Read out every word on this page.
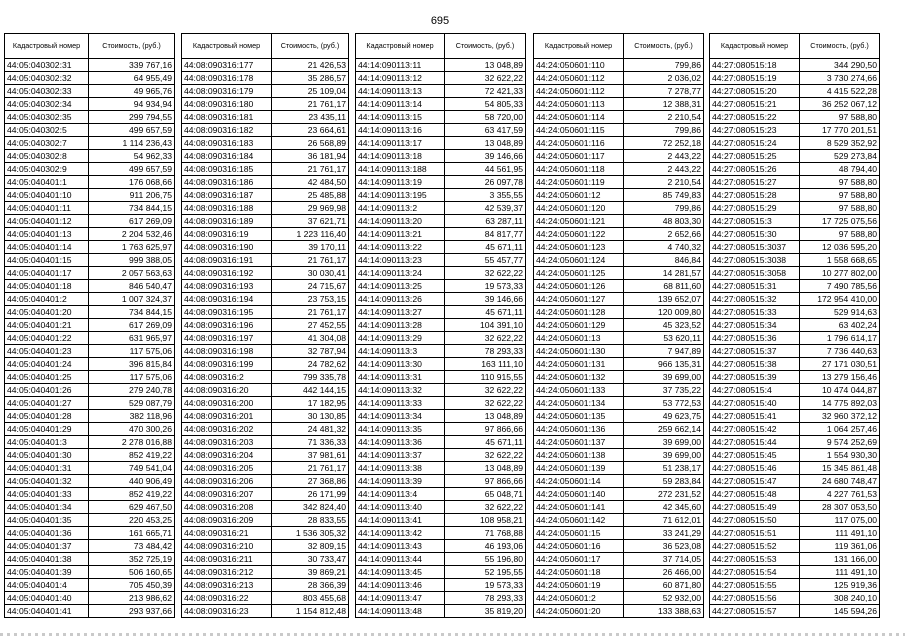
695
Кадастровый номер	Стоимость, (руб.)
44:05:040302:31	339 767,16
44:05:040302:32	64 955,49
44:05:040302:33	49 965,76
44:05:040302:34	94 934,94
44:05:040302:35	299 794,55
44:05:040302:5	499 657,59
44:05:040302:7	1 114 236,43
44:05:040302:8	54 962,33
44:05:040302:9	499 657,59
44:05:040401:1	176 068,66
44:05:040401:10	911 206,75
44:05:040401:11	734 844,15
44:05:040401:12	617 269,09
44:05:040401:13	2 204 532,46
44:05:040401:14	1 763 625,97
44:05:040401:15	999 388,05
44:05:040401:17	2 057 563,63
44:05:040401:18	846 540,47
44:05:040401:2	1 007 324,37
44:05:040401:20	734 844,15
44:05:040401:21	617 269,09
44:05:040401:22	631 965,97
44:05:040401:23	117 575,06
44:05:040401:24	396 815,84
44:05:040401:25	117 575,06
44:05:040401:26	279 240,78
44:05:040401:27	529 087,79
44:05:040401:28	382 118,96
44:05:040401:29	470 300,26
44:05:040401:3	2 278 016,88
44:05:040401:30	852 419,22
44:05:040401:31	749 541,04
44:05:040401:32	440 906,49
44:05:040401:33	852 419,22
44:05:040401:34	629 467,50
44:05:040401:35	220 453,25
44:05:040401:36	161 665,71
44:05:040401:37	73 484,42
44:05:040401:38	352 725,19
44:05:040401:39	506 160,65
44:05:040401:4	705 450,39
44:05:040401:40	213 986,62
44:05:040401:41	293 937,66
Кадастровый номер	Стоимость, (руб.)
44:08:090316:177	21 426,53
44:08:090316:178	35 286,57
44:08:090316:179	25 109,04
44:08:090316:180	21 761,17
44:08:090316:181	23 435,11
44:08:090316:182	23 664,61
44:08:090316:183	26 568,89
44:08:090316:184	36 181,94
44:08:090316:185	21 761,17
44:08:090316:186	42 484,50
44:08:090316:187	25 485,88
44:08:090316:188	29 969,98
44:08:090316:189	37 621,71
44:08:090316:19	1 223 116,40
44:08:090316:190	39 170,11
44:08:090316:191	21 761,17
44:08:090316:192	30 030,41
44:08:090316:193	24 715,67
44:08:090316:194	23 753,15
44:08:090316:195	21 761,17
44:08:090316:196	27 452,55
44:08:090316:197	41 304,08
44:08:090316:198	32 787,94
44:08:090316:199	24 782,62
44:08:090316:2	799 335,78
44:08:090316:20	442 144,15
44:08:090316:200	17 182,95
44:08:090316:201	30 130,85
44:08:090316:202	24 481,32
44:08:090316:203	71 336,33
44:08:090316:204	37 981,61
44:08:090316:205	21 761,17
44:08:090316:206	27 368,86
44:08:090316:207	26 171,99
44:08:090316:208	342 824,40
44:08:090316:209	28 833,55
44:08:090316:21	1 536 305,32
44:08:090316:210	32 809,15
44:08:090316:211	30 733,47
44:08:090316:212	39 869,21
44:08:090316:213	28 366,39
44:08:090316:22	803 455,68
44:08:090316:23	1 154 812,48
Кадастровый номер	Стоимость, (руб.)
44:14:090113:11	13 048,89
44:14:090113:12	32 622,22
44:14:090113:13	72 421,33
44:14:090113:14	54 805,33
44:14:090113:15	58 720,00
44:14:090113:16	63 417,59
44:14:090113:17	13 048,89
44:14:090113:18	39 146,66
44:14:090113:188	44 561,95
44:14:090113:19	26 097,78
44:14:090113:195	3 355,55
44:14:090113:2	42 539,37
44:14:090113:20	63 287,11
44:14:090113:21	84 817,77
44:14:090113:22	45 671,11
44:14:090113:23	55 457,77
44:14:090113:24	32 622,22
44:14:090113:25	19 573,33
44:14:090113:26	39 146,66
44:14:090113:27	45 671,11
44:14:090113:28	104 391,10
44:14:090113:29	32 622,22
44:14:090113:3	78 293,33
44:14:090113:30	163 111,10
44:14:090113:31	110 915,55
44:14:090113:32	32 622,22
44:14:090113:33	32 622,22
44:14:090113:34	13 048,89
44:14:090113:35	97 866,66
44:14:090113:36	45 671,11
44:14:090113:37	32 622,22
44:14:090113:38	13 048,89
44:14:090113:39	97 866,66
44:14:090113:4	65 048,71
44:14:090113:40	32 622,22
44:14:090113:41	108 958,21
44:14:090113:42	71 768,88
44:14:090113:43	46 193,06
44:14:090113:44	55 196,80
44:14:090113:45	52 195,55
44:14:090113:46	19 573,33
44:14:090113:47	78 293,33
44:14:090113:48	35 819,20
Кадастровый номер	Стоимость, (руб.)
44:24:050601:110	799,86
44:24:050601:112	2 036,02
44:24:050601:112	7 278,77
44:24:050601:113	12 388,31
44:24:050601:114	2 210,54
44:24:050601:115	799,86
44:24:050601:116	72 252,18
44:24:050601:117	2 443,22
44:24:050601:118	2 443,22
44:24:050601:119	2 210,54
44:24:050601:12	85 749,83
44:24:050601:120	799,86
44:24:050601:121	48 803,30
44:24:050601:122	2 652,66
44:24:050601:123	4 740,32
44:24:050601:124	846,84
44:24:050601:125	14 281,57
44:24:050601:126	68 811,60
44:24:050601:127	139 652,07
44:24:050601:128	120 009,80
44:24:050601:129	45 323,52
44:24:050601:13	53 620,11
44:24:050601:130	7 947,89
44:24:050601:131	966 135,31
44:24:050601:132	39 699,00
44:24:050601:133	37 735,22
44:24:050601:134	53 772,53
44:24:050601:135	49 623,75
44:24:050601:136	259 662,14
44:24:050601:137	39 699,00
44:24:050601:138	39 699,00
44:24:050601:139	51 238,17
44:24:050601:14	59 283,84
44:24:050601:140	272 231,52
44:24:050601:141	42 345,60
44:24:050601:142	71 612,01
44:24:050601:15	33 241,29
44:24:050601:16	36 523,08
44:24:050601:17	37 714,05
44:24:050601:18	26 466,00
44:24:050601:19	60 871,80
44:24:050601:2	52 932,00
44:24:050601:20	133 388,63
Кадастровый номер	Стоимость, (руб.)
44:27:080515:18	344 290,50
44:27:080515:19	3 730 274,66
44:27:080515:20	4 415 522,28
44:27:080515:21	36 252 067,12
44:27:080515:22	97 588,80
44:27:080515:23	17 770 201,51
44:27:080515:24	8 529 352,92
44:27:080515:25	529 273,84
44:27:080515:26	48 794,40
44:27:080515:27	97 588,80
44:27:080515:28	97 588,80
44:27:080515:29	97 588,80
44:27:080515:3	17 725 075,56
44:27:080515:30	97 588,80
44:27:080515:3037	12 036 595,20
44:27:080515:3038	1 558 668,65
44:27:080515:3058	10 277 802,00
44:27:080515:31	7 490 785,56
44:27:080515:32	172 954 410,00
44:27:080515:33	529 914,63
44:27:080515:34	63 402,24
44:27:080515:36	1 796 614,17
44:27:080515:37	7 736 440,63
44:27:080515:38	27 171 030,51
44:27:080515:39	13 279 156,46
44:27:080515:4	10 474 044,87
44:27:080515:40	14 775 892,03
44:27:080515:41	32 960 372,12
44:27:080515:42	1 064 257,46
44:27:080515:44	9 574 252,69
44:27:080515:45	1 554 930,30
44:27:080515:46	15 345 861,48
44:27:080515:47	24 680 748,47
44:27:080515:48	4 227 761,53
44:27:080515:49	28 307 053,50
44:27:080515:50	117 075,00
44:27:080515:51	111 491,10
44:27:080515:52	119 361,06
44:27:080515:53	131 166,00
44:27:080515:54	111 491,10
44:27:080515:55	125 919,36
44:27:080515:56	308 240,10
44:27:080515:57	145 594,26
